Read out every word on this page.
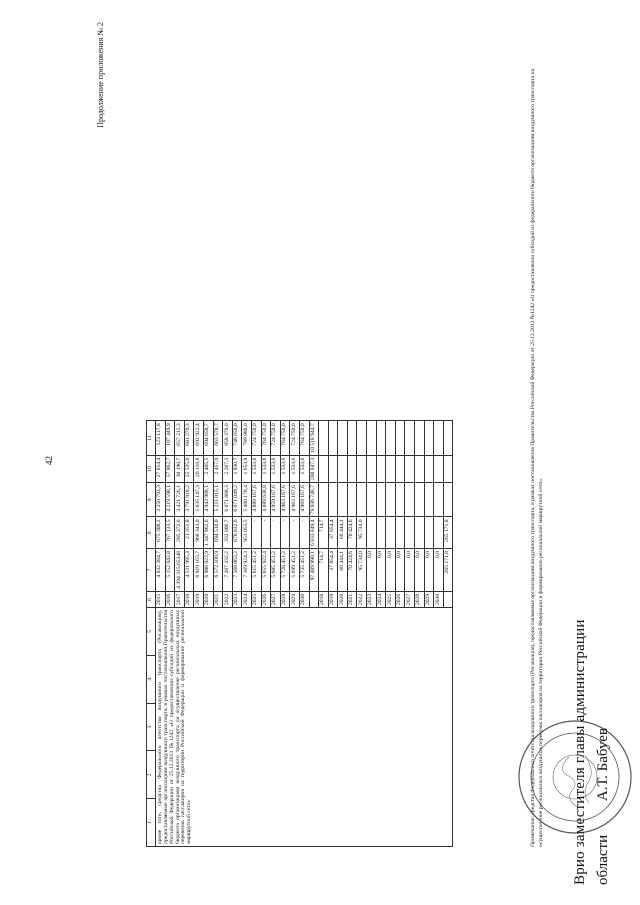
42
Продолжение приложения № 2
1	2	3	4	5	6	7	8	9	10	11
кроме того, средства Федерального агентства воздушного транспорта (Росавиация), предоставляемые организациям воздушного транспорта, в рамках постановления Правительства Российской Федерации от 25.12.2013 №1242 «О предоставлении субсидий из федерального бюджета организациям воздушного транспорта на осуществление региональных воздушных перевозок пассажиров на территории Российской Федерации и формирование региональной маршрутной сети»					2015	4 032 384,7	675 308,2	3 250 793,3	27 814,4	123 117,8
					2016	5 152 043,8	767 133,5	4 219 598,1	57 862,7	107 449,9
					2017	4 394 315,65348	285 372,6	3 421 726,1	30 190,7	657 215,3
					2018	4 511 995,3	21 351,8	3 791 918,2	25 535,0	681 270,3
					2019	6 919 163,7	968 343,0	5 635 147,3	20 118,8	693 922,4
					2020	6 988 023,9	1 347 962,6	4 943 988,1	2 405,5	694 658,7
					2021	6 572 100,9	694 510,0	5 211 015,1	2 457,0	663 578,7
					2022	7 267 332,2	332 806,7	6 071 888,3	2 267,3	858 370,0
					2023	7 568 063,2	678 832,6	6 071 049,2	1 830,7	748 650,0
					2024	7 169 924,3	953 055,5	5 460 178,4	1 653,9	789 980,0
					2025	5 615 451,2	-	4 889 167,6	1 533,6	724 750,0
					2026	5 655 922,4	-	4 889 638,8	1 533,6	764 750,0
					2027	5 685 451,2	-	4 959 167,6	1 533,6	724 750,0
					2028	5 728 451,2	-	4 963 167,6	1 533,6	764 750,0
					2029	5 699 451,2	-	4 963 167,6	1 533,6	724 750,0
					2030	5 735 451,2	-	4 969 167,6	1 533,6	764 750,0
						97 489 990,1	6 833 849,4	79 936 748,7	200 047,3	10 518 944,7
					2018	714,7	714,7			
					2019	37 854,4	37 854,4			
					2020	60 444,1	60 444,1			
					2021	70 424,6	70 424,6			
					2022	95 734,0	95 734,0			
					2023	0,0				
					2024	0,0				
					2025	0,0				
					2026	0,0				
					2027	0,0				
					2028	0,0				
					2029	0,0				
					2030	0,0				
						265 171,8	265 171,8				Примечание: средства Федерального агентства воздушного транспорта (Росавиация), предоставляемые организациям воздушного транспорта, в рамках постановления Правительства Российской Федерации от 25.12.2013 №1242 «О предоставлении субсидий из федерального бюджета организациям воздушного транспорта на осуществление региональных воздушных перевозок пассажиров на территории Российской Федерации и формирование региональной маршрутной сети». Врио заместителя главы администрации области А.Т. Бабуев
